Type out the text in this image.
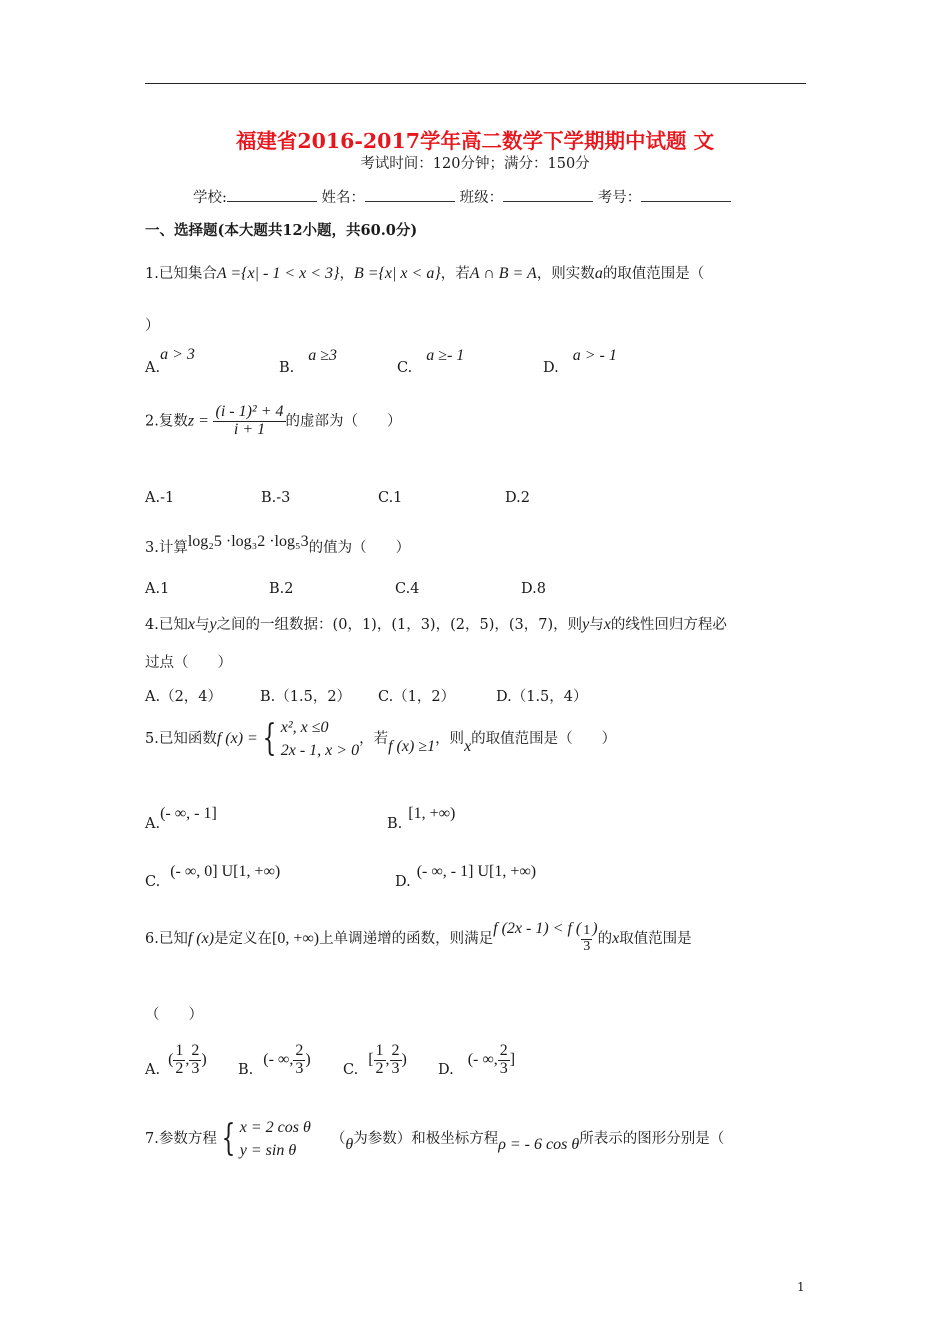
福建省2016-2017学年高二数学下学期期中试题 文
考试时间：120分钟；满分：150分
学校:	姓名：	班级：	考号：
一、选择题(本大题共12小题，共60.0分)
1.已知集合A ={x| - 1 < x < 3}，B ={x| x < a}，若A ∩ B = A，则实数a的取值范围是（
）
A.a > 3
B.a ≥3
C.a ≥- 1
D.a > - 1
2.复数$z = \frac{\text{(i - 1)² + 4}}{i + 1}$ 的虚部为（　　）
A.-1	B.-3	C.1	D.2
3.计算log₂5 ·log₃2 ·log₅3的值为（　　）
A.1	B.2	C.4	D.8
4.已知x与y之间的一组数据：(0，1)，(1，3)，(2，5)，(3，7)，则y与x的线性回归方程必
过点（　　）
A.（2，4）	B.（1.5，2） C.（1，2）	D.（1.5，4）
5.已知函数f (x) = { x², x ≤0
2x - 1, x > 0
，若f (x) ≥1，则x的取值范围是（　　）
A.(- ∞, - 1]
B.[1, +∞)
C.(- ∞, 0] U[1, +∞)
D.(- ∞, - 1] U[1, +∞)
6.已知f (x)是定义在[0, +∞)上单调递增的函数，则满足f (2x - 1) < f ( $\frac{1}{3}$ )的x取值范围是
（　　）
$A.( \frac{1}{2}$ , $\frac{2}{3}$ )
B.(- ∞, $\frac{2}{3}$ )
$C.[ \frac{1}{2}$ , $\frac{2}{3}$ )
D.(- ∞, $\frac{2}{3}$ ]
7.参数方程 { x = 2 cos θ
y = sin θ
（θ为参数）和极坐标方程ρ = - 6 cos θ所表示的图形分别是（
1
